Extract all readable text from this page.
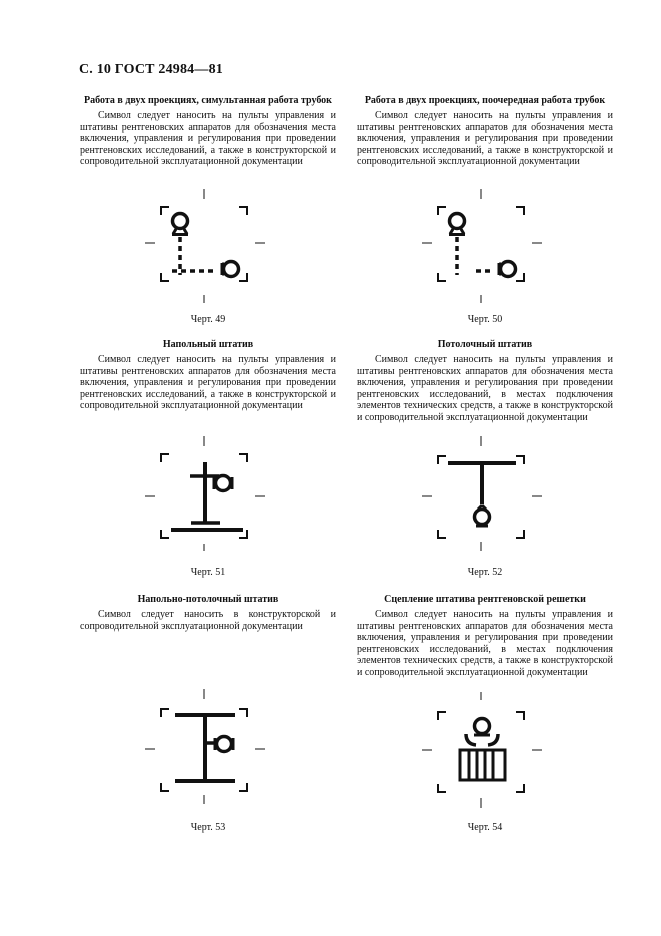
С. 10 ГОСТ 24984—81

Работа в двух проекциях, симультанная работа трубок

Символ следует наносить на пульты управления и штативы рентгеновских аппаратов для обозначения места включения, управления и регулирования при проведении рентгеновских исследований, а также в конструкторской и сопроводительной эксплуатационной документации

Черт. 49

Напольный штатив

Символ следует наносить на пульты управления и штативы рентгеновских аппаратов для обозначения места включения, управления и регулирования при проведении рентгеновских исследований, а также в конструкторской и сопроводительной эксплуатационной документации

Черт. 51

Напольно-потолочный штатив

Символ следует наносить в конструкторской и сопроводительной эксплуатационной документации

Черт. 53

Работа в двух проекциях, поочередная работа трубок

Символ следует наносить на пульты управления и штативы рентгеновских аппаратов для обозначения места включения, управления и регулирования при проведении рентгеновских исследований, а также в конструкторской и сопроводительной эксплуатационной документации

Черт. 50

Потолочный штатив

Символ следует наносить на пульты управления и штативы рентгеновских аппаратов для обозначения места включения, управления и регулирования при проведении рентгеновских исследований, в местах подключения элементов технических средств, а также в конструкторской и сопроводительной эксплуатационной документации

Черт. 52

Сцепление штатива рентгеновской решетки

Символ следует наносить на пульты управления и штативы рентгеновских аппаратов для обозначения места включения, управления и регулирования при проведении рентгеновских исследований, в местах подключения элементов технических средств, а также в конструкторской и сопроводительной эксплуатационной документации

Черт. 54
